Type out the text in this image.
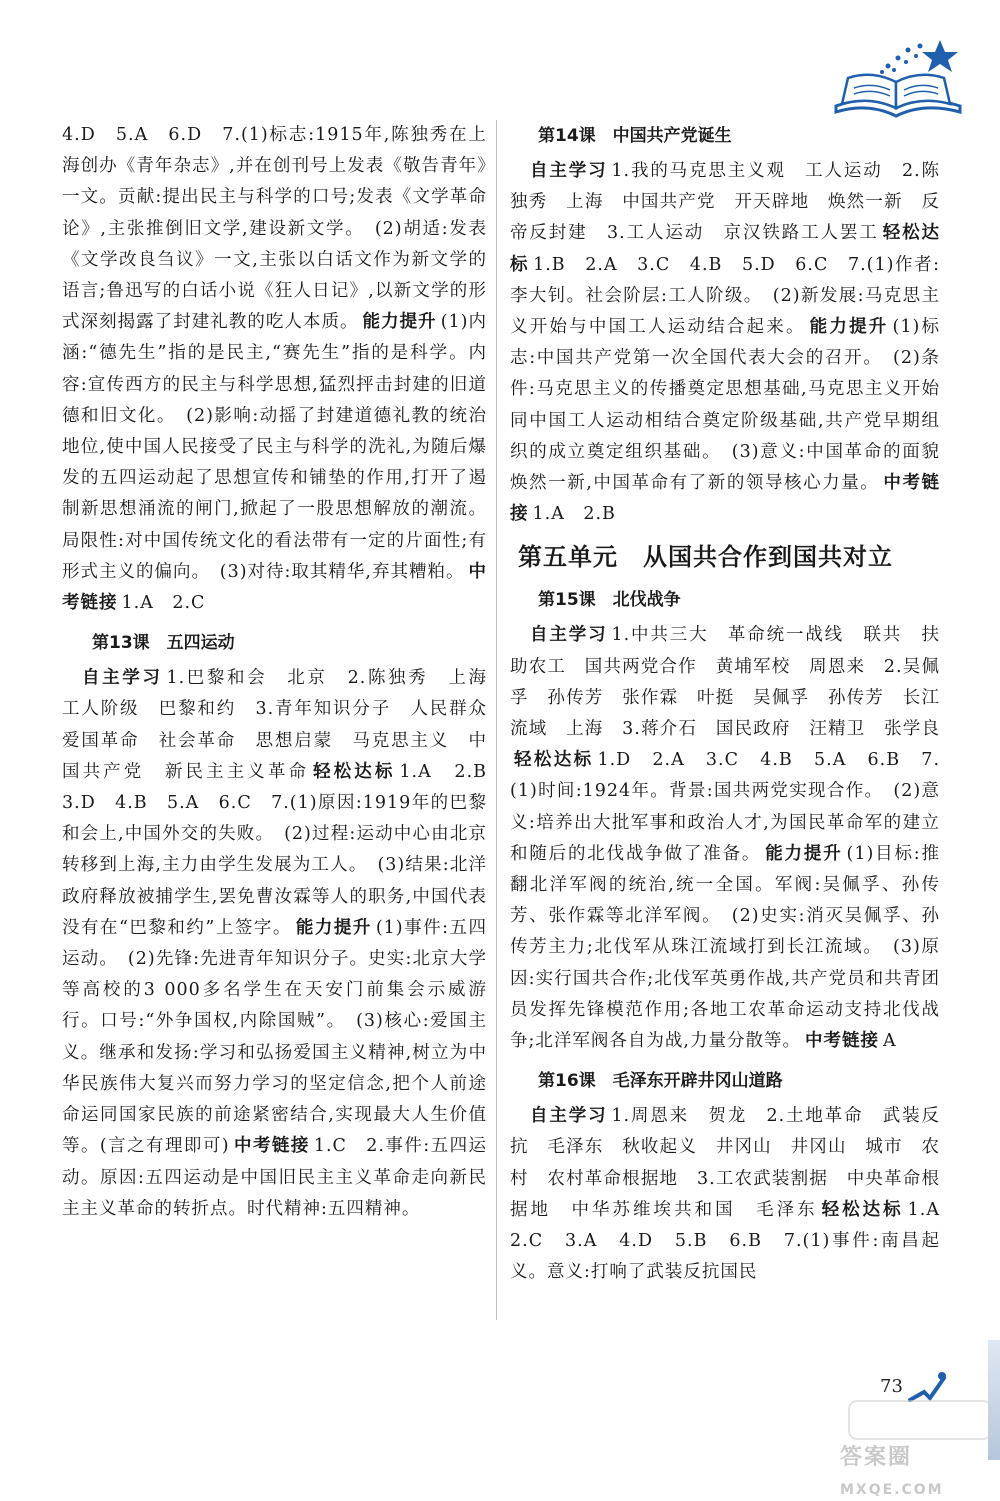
4.D　5.A　6.D　7.(1)标志:1915年,陈独秀在上海创办《青年杂志》,并在创刊号上发表《敬告青年》一文。贡献:提出民主与科学的口号;发表《文学革命论》,主张推倒旧文学,建设新文学。　(2)胡适:发表《文学改良刍议》一文,主张以白话文作为新文学的语言;鲁迅写的白话小说《狂人日记》,以新文学的形式深刻揭露了封建礼教的吃人本质。 能力提升 (1)内涵:“德先生”指的是民主,“赛先生”指的是科学。内容:宣传西方的民主与科学思想,猛烈抨击封建的旧道德和旧文化。　(2)影响:动摇了封建道德礼教的统治地位,使中国人民接受了民主与科学的洗礼,为随后爆发的五四运动起了思想宣传和铺垫的作用,打开了遏制新思想涌流的闸门,掀起了一股思想解放的潮流。局限性:对中国传统文化的看法带有一定的片面性;有形式主义的偏向。　(3)对待:取其精华,弃其糟粕。 中考链接 1.A　2.C

第13课　五四运动

自主学习 1.巴黎和会　北京　2.陈独秀　上海　工人阶级　巴黎和约　3.青年知识分子　人民群众　爱国革命　社会革命　思想启蒙　马克思主义　中国共产党　新民主主义革命 轻松达标 1.A　2.B　3.D　4.B　5.A　6.C　7.(1)原因:1919年的巴黎和会上,中国外交的失败。　(2)过程:运动中心由北京转移到上海,主力由学生发展为工人。　(3)结果:北洋政府释放被捕学生,罢免曹汝霖等人的职务,中国代表没有在“巴黎和约”上签字。 能力提升 (1)事件:五四运动。　(2)先锋:先进青年知识分子。史实:北京大学等高校的3 000多名学生在天安门前集会示威游行。口号:“外争国权,内除国贼”。　(3)核心:爱国主义。继承和发扬:学习和弘扬爱国主义精神,树立为中华民族伟大复兴而努力学习的坚定信念,把个人前途命运同国家民族的前途紧密结合,实现最大人生价值等。(言之有理即可) 中考链接 1.C　2.事件:五四运动。原因:五四运动是中国旧民主主义革命走向新民主主义革命的转折点。时代精神:五四精神。

第14课　中国共产党诞生

自主学习 1.我的马克思主义观　工人运动　2.陈独秀　上海　中国共产党　开天辟地　焕然一新　反帝反封建　3.工人运动　京汉铁路工人罢工 轻松达标 1.B　2.A　3.C　4.B　5.D　6.C　7.(1)作者:李大钊。社会阶层:工人阶级。　(2)新发展:马克思主义开始与中国工人运动结合起来。 能力提升 (1)标志:中国共产党第一次全国代表大会的召开。　(2)条件:马克思主义的传播奠定思想基础,马克思主义开始同中国工人运动相结合奠定阶级基础,共产党早期组织的成立奠定组织基础。　(3)意义:中国革命的面貌焕然一新,中国革命有了新的领导核心力量。 中考链接 1.A　2.B

第五单元　从国共合作到国共对立
第15课　北伐战争

自主学习 1.中共三大　革命统一战线　联共　扶助农工　国共两党合作　黄埔军校　周恩来　2.吴佩孚　孙传芳　张作霖　叶挺　吴佩孚　孙传芳　长江流域　上海　3.蒋介石　国民政府　汪精卫　张学良轻松达标 1.D　2.A　3.C　4.B　5.A　6.B　7.(1)时间:1924年。背景:国共两党实现合作。　(2)意义:培养出大批军事和政治人才,为国民革命军的建立和随后的北伐战争做了准备。 能力提升 (1)目标:推翻北洋军阀的统治,统一全国。军阀:吴佩孚、孙传芳、张作霖等北洋军阀。　(2)史实:消灭吴佩孚、孙传芳主力;北伐军从珠江流域打到长江流域。　(3)原因:实行国共合作;北伐军英勇作战,共产党员和共青团员发挥先锋模范作用;各地工农革命运动支持北伐战争;北洋军阀各自为战,力量分散等。 中考链接 A

第16课　毛泽东开辟井冈山道路

自主学习 1.周恩来　贺龙　2.土地革命　武装反抗　毛泽东　秋收起义　井冈山　井冈山　城市　农村　农村革命根据地　3.工农武装割据　中央革命根据地　中华苏维埃共和国　毛泽东 轻松达标 1.A　2.C　3.A　4.D　5.B　6.B　7.(1)事件:南昌起义。意义:打响了武装反抗国民

73
答案圈 MXQE.COM
